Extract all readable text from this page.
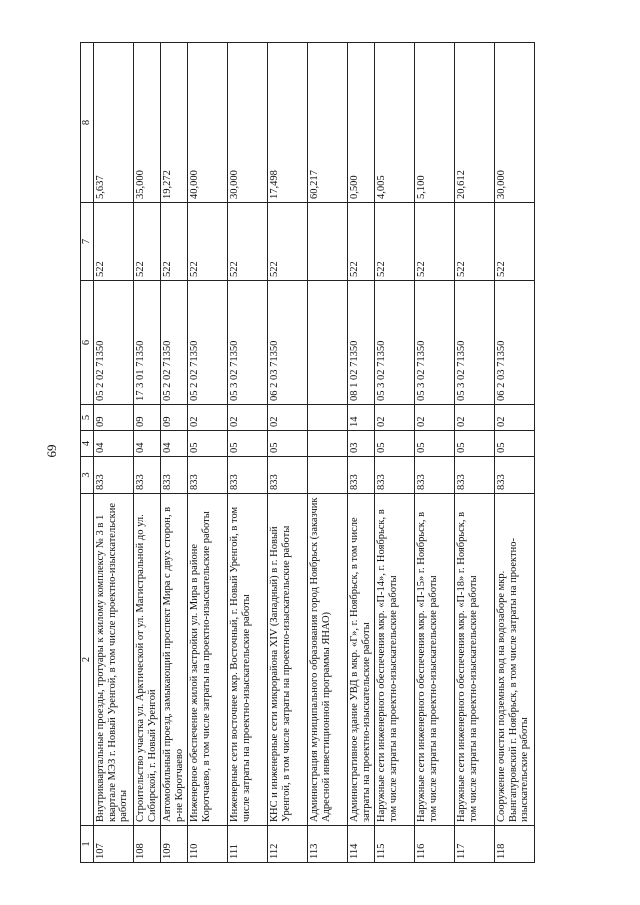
69
1	2	3	4	5	6	7	8
107	Внутриквартальные проезды, тротуары к жилому комплексу № 3 в 1 квартале МЭЗ г. Новый Уренгой, в том числе проектно-изыскательские работы	833	04	09	05 2 02 71350	522	5,637
108	Строительство участка ул. Арктической от ул. Магистральной до ул. Сибирской, г. Новый Уренгой	833	04	09	17 3 01 71350	522	35,000
109	Автомобильный проезд, замыкающий проспект Мира с двух сторон, в р-не Коротчаево	833	04	09	05 2 02 71350	522	19,272
110	Инженерное обеспечение жилой застройки ул. Мира в районе Коротчаево, в том числе затраты на проектно-изыскательские работы	833	05	02	05 2 02 71350	522	40,000
111	Инженерные сети восточнее мкр. Восточный, г. Новый Уренгой, в том числе затраты на проектно-изыскательские работы	833	05	02	05 3 02 71350	522	30,000
112	КНС и инженерные сети микрорайона XIV (Западный) в г. Новый Уренгой, в том числе затраты на проектно-изыскательские работы	833	05	02	06 2 03 71350	522	17,498
113	Администрация муниципального образования город Ноябрьск (заказчик Адресной инвестиционной программы ЯНАО)						60,217
114	Административное здание УВД в мкр. «Г», г. Ноябрьск, в том числе затраты на проектно-изыскательские работы	833	03	14	08 1 02 71350	522	0,500
115	Наружные сети инженерного обеспечения мкр. «П-14», г. Ноябрьск, в том числе затраты на проектно-изыскательские работы	833	05	02	05 3 02 71350	522	4,005
116	Наружные сети инженерного обеспечения мкр. «П-15» г. Ноябрьск, в том числе затраты на проектно-изыскательские работы	833	05	02	05 3 02 71350	522	5,100
117	Наружные сети инженерного обеспечения мкр. «П-18» г. Ноябрьск, в том числе затраты на проектно-изыскательские работы	833	05	02	05 3 02 71350	522	20,612
118	Сооружение очистки подземных вод на водозаборе мкр. Вынгапуровский г. Ноябрьск, в том числе затраты на проектно-изыскательские работы	833	05	02	06 2 03 71350	522	30,000
